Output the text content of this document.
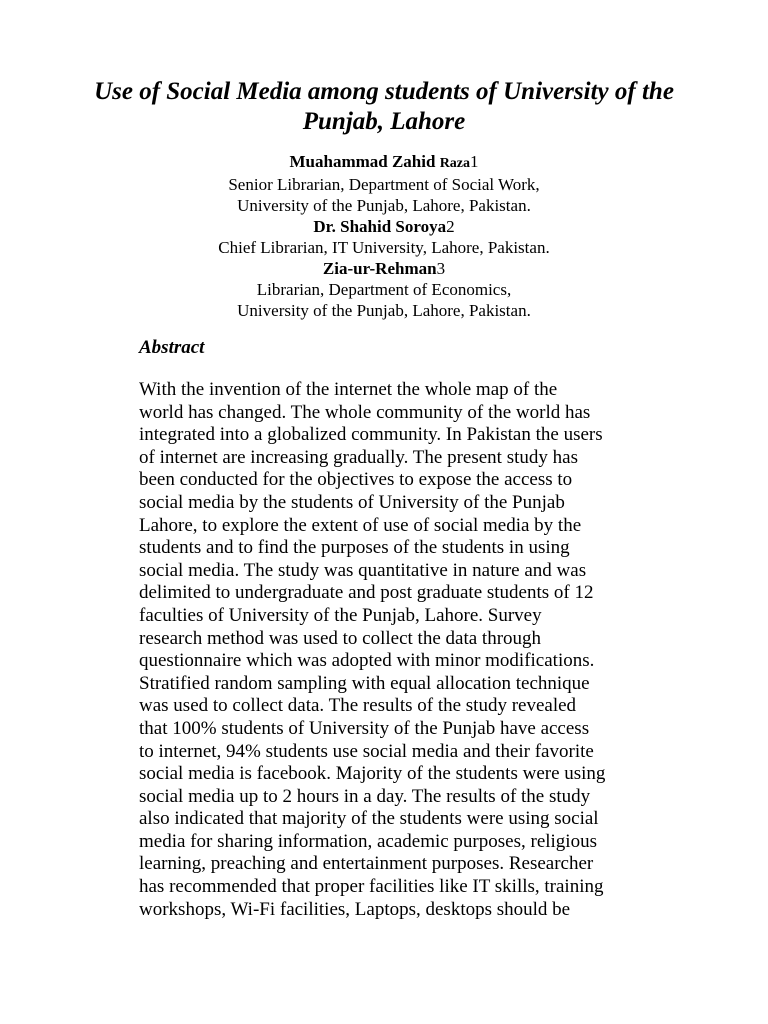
Use of Social Media among students of University of the
Punjab, Lahore
Muahammad Zahid Raza1
Senior Librarian, Department of Social Work,
University of the Punjab, Lahore, Pakistan.
Dr. Shahid Soroya2
Chief Librarian, IT University, Lahore, Pakistan.
Zia-ur-Rehman3
Librarian, Department of Economics,
University of the Punjab, Lahore, Pakistan.
Abstract
With the invention of the internet the whole map of the
world has changed. The whole community of the world has
integrated into a globalized community. In Pakistan the users
of internet are increasing gradually. The present study has
been conducted for the objectives to expose the access to
social media by the students of University of the Punjab
Lahore, to explore the extent of use of social media by the
students and to find the purposes of the students in using
social media. The study was quantitative in nature and was
delimited to undergraduate and post graduate students of 12
faculties of University of the Punjab, Lahore. Survey
research method was used to collect the data through
questionnaire which was adopted with minor modifications.
Stratified random sampling with equal allocation technique
was used to collect data. The results of the study revealed
that 100% students of University of the Punjab have access
to internet, 94% students use social media and their favorite
social media is facebook. Majority of the students were using
social media up to 2 hours in a day. The results of the study
also indicated that majority of the students were using social
media for sharing information, academic purposes, religious
learning, preaching and entertainment purposes. Researcher
has recommended that proper facilities like IT skills, training
workshops, Wi-Fi facilities, Laptops, desktops should be
